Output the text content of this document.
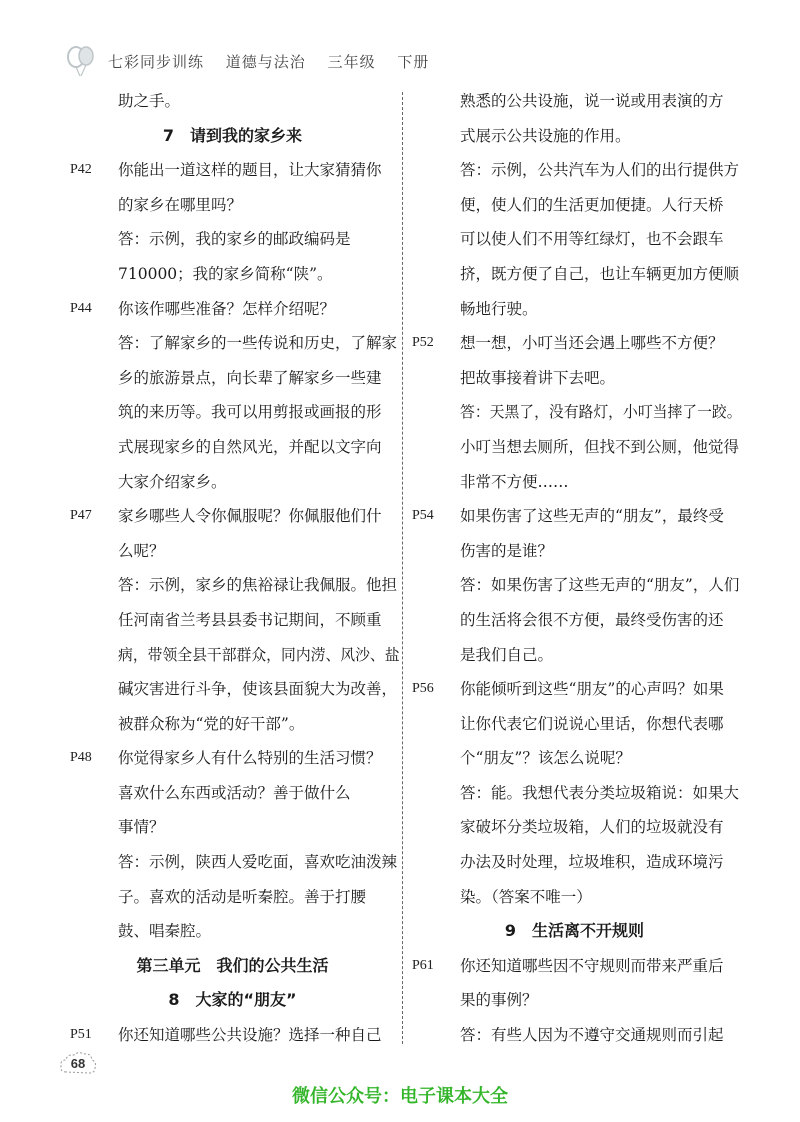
七彩同步训练 道德与法治 三年级 下册
助之手。
7　请到我的家乡来
P42 你能出一道这样的题目，让大家猜猜你
的家乡在哪里吗？
答：示例，我的家乡的邮政编码是
710000；我的家乡简称“陕”。
P44 你该作哪些准备？怎样介绍呢？
答：了解家乡的一些传说和历史，了解家
乡的旅游景点，向长辈了解家乡一些建
筑的来历等。我可以用剪报或画报的形
式展现家乡的自然风光，并配以文字向
大家介绍家乡。
P47 家乡哪些人令你佩服呢？你佩服他们什
么呢？
答：示例，家乡的焦裕禄让我佩服。他担
任河南省兰考县县委书记期间，不顾重
病，带领全县干部群众，同内涝、风沙、盐
碱灾害进行斗争，使该县面貌大为改善，
被群众称为“党的好干部”。
P48 你觉得家乡人有什么特别的生活习惯？
喜欢什么东西或活动？善于做什么
事情？
答：示例，陕西人爱吃面，喜欢吃油泼辣
子。喜欢的活动是听秦腔。善于打腰
鼓、唱秦腔。
第三单元　我们的公共生活
8　大家的“朋友”
P51 你还知道哪些公共设施？选择一种自己
熟悉的公共设施，说一说或用表演的方
式展示公共设施的作用。
答：示例，公共汽车为人们的出行提供方
便，使人们的生活更加便捷。人行天桥
可以使人们不用等红绿灯，也不会跟车
挤，既方便了自己，也让车辆更加方便顺
畅地行驶。
P52 想一想，小叮当还会遇上哪些不方便？
把故事接着讲下去吧。
答：天黑了，没有路灯，小叮当摔了一跤。
小叮当想去厕所，但找不到公厕，他觉得
非常不方便……
P54 如果伤害了这些无声的“朋友”，最终受
伤害的是谁？
答：如果伤害了这些无声的“朋友”，人们
的生活将会很不方便，最终受伤害的还
是我们自己。
P56 你能倾听到这些“朋友”的心声吗？如果
让你代表它们说说心里话，你想代表哪
个“朋友”？该怎么说呢？
答：能。我想代表分类垃圾箱说：如果大
家破坏分类垃圾箱，人们的垃圾就没有
办法及时处理，垃圾堆积，造成环境污
染。（答案不唯一）
9　生活离不开规则
P61 你还知道哪些因不守规则而带来严重后
果的事例？
答：有些人因为不遵守交通规则而引起
68
微信公众号：电子课本大全
